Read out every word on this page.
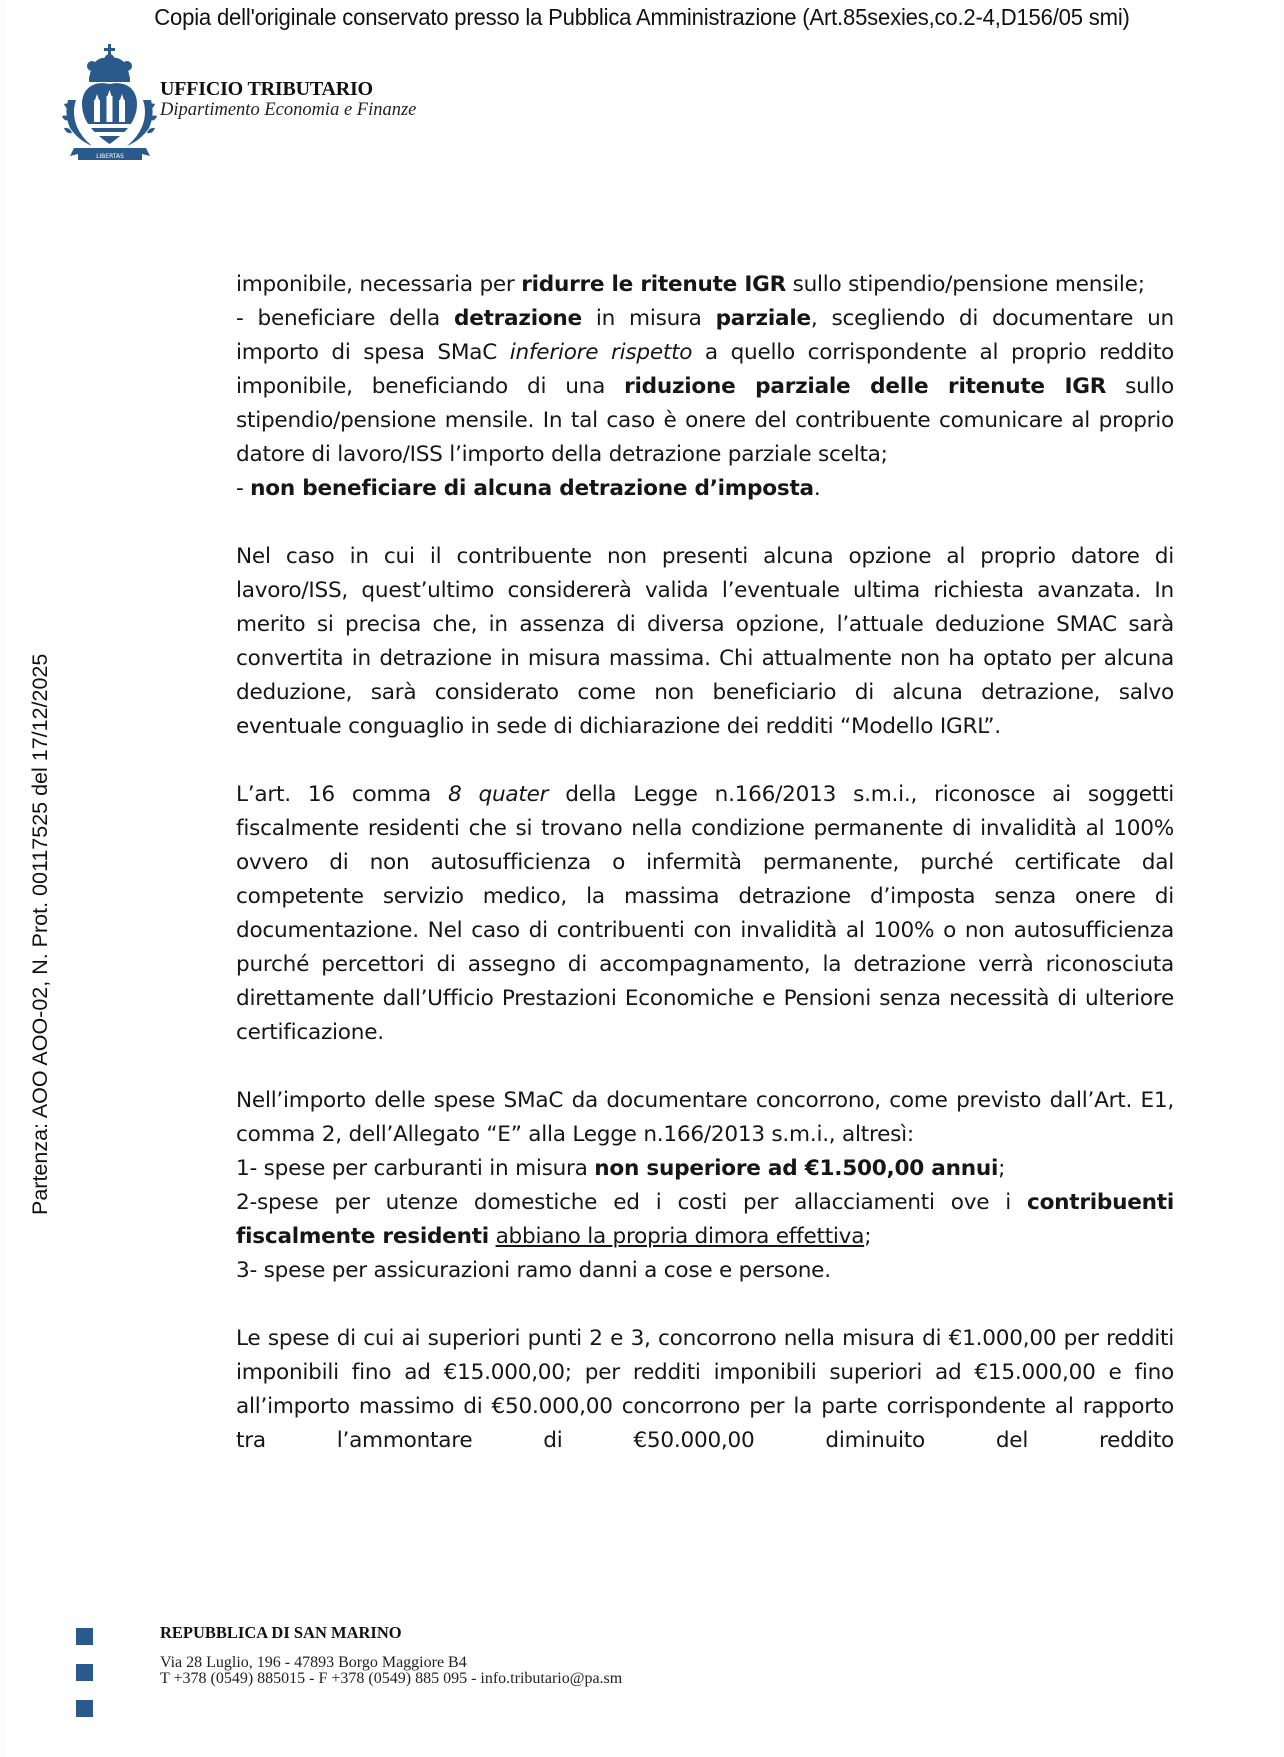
Copia dell'originale conservato presso la Pubblica Amministrazione (Art.85sexies,co.2-4,D156/05 smi)
LIBERTAS
UFFICIO TRIBUTARIO
Dipartimento Economia e Finanze
Partenza: AOO AOO-02, N. Prot. 00117525 del 17/12/2025

imponibile, necessaria per ridurre le ritenute IGR sullo stipendio/pensione mensile;

- beneficiare della detrazione in misura parziale, scegliendo di documentare un importo di spesa SMaC inferiore rispetto a quello corrispondente al proprio reddito imponibile, beneficiando di una riduzione parziale delle ritenute IGR sullo stipendio/pensione mensile. In tal caso è onere del contribuente comunicare al proprio datore di lavoro/ISS l’importo della detrazione parziale scelta;

- non beneficiare di alcuna detrazione d’imposta.

Nel caso in cui il contribuente non presenti alcuna opzione al proprio datore di lavoro/ISS, quest’ultimo considererà valida l’eventuale ultima richiesta avanzata. In merito si precisa che, in assenza di diversa opzione, l’attuale deduzione SMAC sarà convertita in detrazione in misura massima. Chi attualmente non ha optato per alcuna deduzione, sarà considerato come non beneficiario di alcuna detrazione, salvo eventuale conguaglio in sede di dichiarazione dei redditi “Modello IGRL”.

L’art. 16 comma 8 quater della Legge n.166/2013 s.m.i., riconosce ai soggetti fiscalmente residenti che si trovano nella condizione permanente di invalidità al 100% ovvero di non autosufficienza o infermità permanente, purché certificate dal competente servizio medico, la massima detrazione d’imposta senza onere di documentazione. Nel caso di contribuenti con invalidità al 100% o non autosufficienza purché percettori di assegno di accompagnamento, la detrazione verrà riconosciuta direttamente dall’Ufficio Prestazioni Economiche e Pensioni senza necessità di ulteriore certificazione.

Nell’importo delle spese SMaC da documentare concorrono, come previsto dall’Art. E1, comma 2, dell’Allegato “E” alla Legge n.166/2013 s.m.i., altresì:

1- spese per carburanti in misura non superiore ad €1.500,00 annui;

2-spese per utenze domestiche ed i costi per allacciamenti ove i contribuenti fiscalmente residenti abbiano la propria dimora effettiva;

3- spese per assicurazioni ramo danni a cose e persone.

Le spese di cui ai superiori punti 2 e 3, concorrono nella misura di €1.000,00 per redditi imponibili fino ad €15.000,00; per redditi imponibili superiori ad €15.000,00 e fino all’importo massimo di €50.000,00 concorrono per la parte corrispondente al rapporto tra l’ammontare di €50.000,00 diminuito del reddito

REPUBBLICA DI SAN MARINO
Via 28 Luglio, 196 - 47893 Borgo Maggiore B4
T +378 (0549) 885015 - F +378 (0549) 885 095 - info.tributario@pa.sm
